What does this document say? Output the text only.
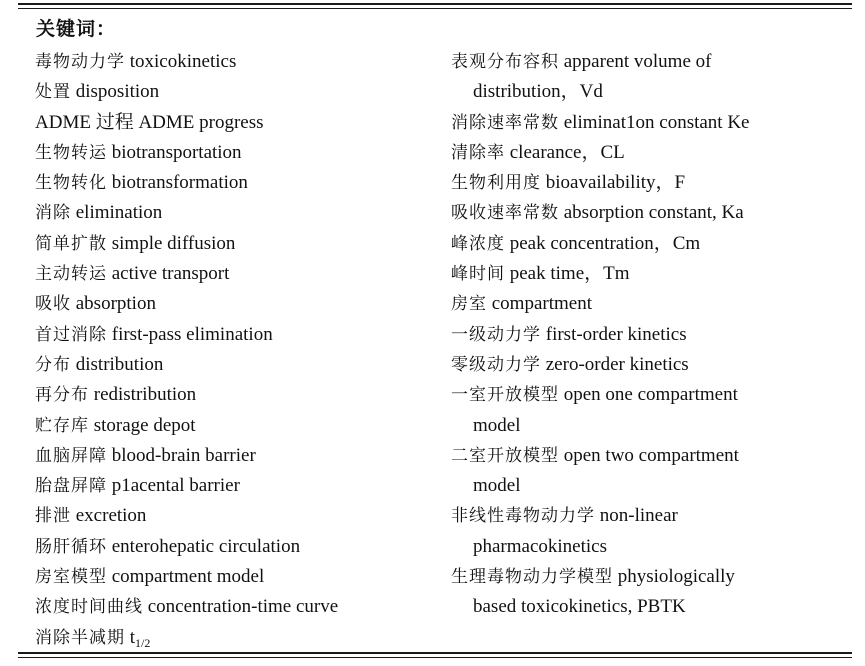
关键词：
毒物动力学 toxicokinetics
处置 disposition
ADME 过程 ADME progress
生物转运 biotransportation
生物转化 biotransformation
消除 elimination
简单扩散 simple diffusion
主动转运 active transport
吸收 absorption
首过消除 first-pass elimination
分布 distribution
再分布 redistribution
贮存库 storage depot
血脑屏障 blood-brain barrier
胎盘屏障 p1acental barrier
排泄 excretion
肠肝循环 enterohepatic circulation
房室模型 compartment model
浓度时间曲线 concentration-time curve
消除半减期 $t_{1/2}$
表观分布容积 apparent volume of
distribution，Vd
消除速率常数 eliminat1on constant Ke
清除率 clearance，CL
生物利用度 bioavailability，F
吸收速率常数 absorption constant, Ka
峰浓度 peak concentration，Cm
峰时间 peak time，Tm
房室 compartment
一级动力学 first-order kinetics
零级动力学 zero-order kinetics
一室开放模型 open one compartment
model
二室开放模型 open two compartment
model
非线性毒物动力学 non-linear
pharmacokinetics
生理毒物动力学模型 physiologically
based toxicokinetics, PBTK
